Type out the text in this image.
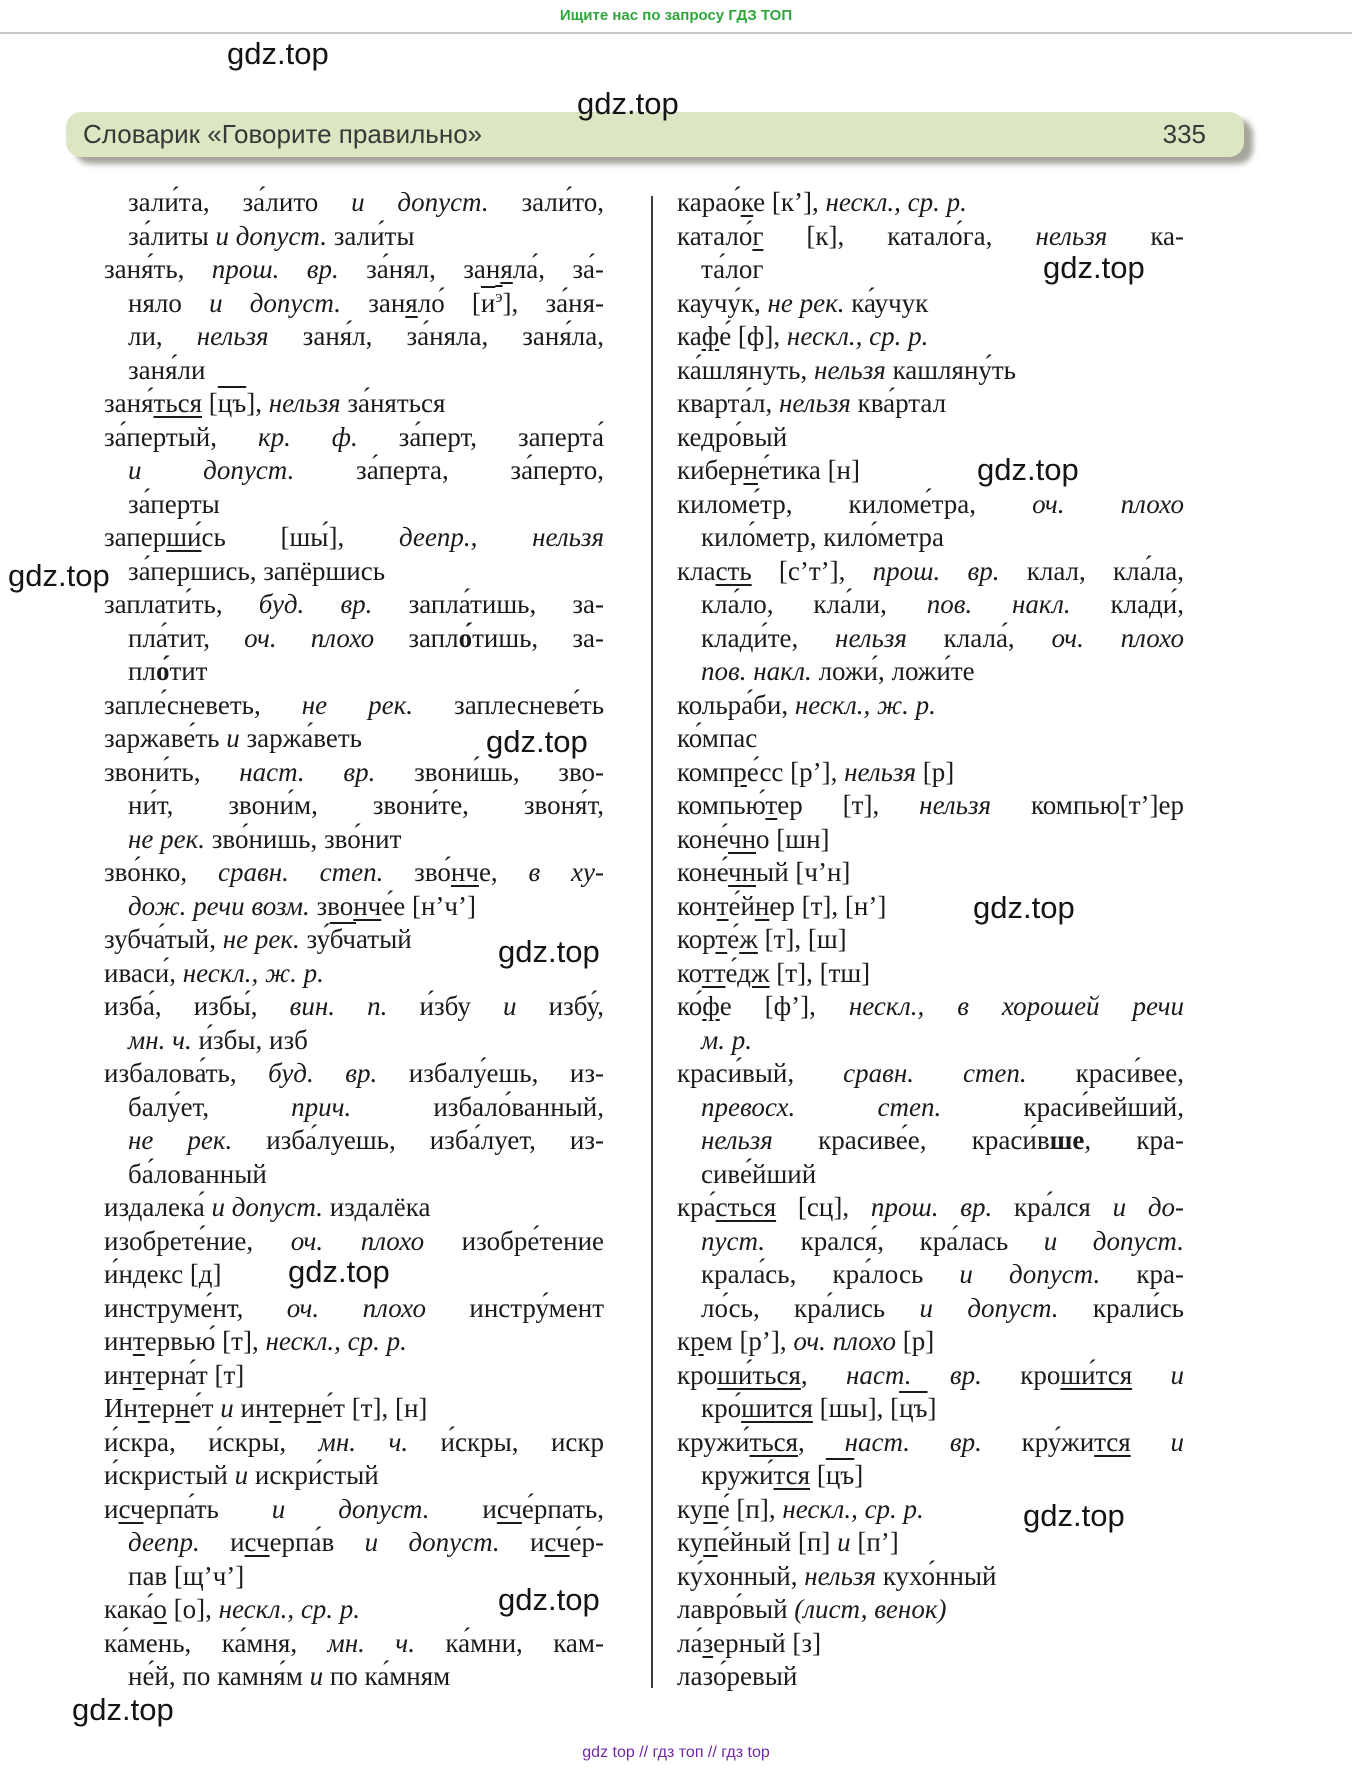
Ищите нас по запросу ГДЗ ТОП
Словарик «Говорите правильно»	335
зали́та, за́лито и допуст. зали́то,
за́литы и допуст. зали́ты
заня́ть, прош. вр. за́нял, заняла́, за́-
няло и допуст. заняло́ $[и^э]$, за́ня-
ли, нельзя заня́л, за́няла, заня́ла,
заня́ли
заня́ться [цъ], нельзя за́няться
за́пертый, кр. ф. за́перт, заперта́
и допуст. за́перта, за́перто,
за́перты
заперши́сь [шы́], деепр., нельзя
за́першись, запёршись
заплати́ть, буд. вр. запла́тишь, за-
пла́тит, оч. плохо запло́тишь, за-
пло́тит
запле́сневеть, не рек. заплесневе́ть
заржаве́ть и заржа́веть
звони́ть, наст. вр. звони́шь, зво-
ни́т, звони́м, звони́те, звоня́т,
не рек. зво́нишь, зво́нит
зво́нко, сравн. степ. зво́нче, в ху-
дож. речи возм. звонче́е [н’ч’]
зубча́тый, не рек. зу́бчатый
иваси́, нескл., ж. р.
изба́, избы́, вин. п. и́збу и избу́,
мн. ч. и́збы, изб
избалова́ть, буд. вр. избалу́ешь, из-
балу́ет, прич. избало́ванный,
не рек. изба́луешь, изба́лует, из-
ба́лованный
издалека́ и допуст. издалёка
изобрете́ние, оч. плохо изобре́тение
и́ндекс [д]
инструме́нт, оч. плохо инстру́мент
интервью́ [т], нескл., ср. р.
интерна́т [т]
Интерне́т и интерне́т [т], [н]
и́скра, и́скры, мн. ч. и́скры, искр
и́скристый и искри́стый
исчерпа́ть и допуст. исче́рпать,
деепр. исчерпа́в и допуст. исче́р-
пав [щ’ч’]
кака́о [о], нескл., ср. р.
ка́мень, ка́мня, мн. ч. ка́мни, кам-
не́й, по камня́м и по ка́мням
карао́ке [к’], нескл., ср. р.
катало́г [к], катало́га, нельзя ка-
та́лог
каучу́к, не рек. ка́учук
кафе́ [ф], нескл., ср. р.
ка́шлянуть, нельзя кашляну́ть
кварта́л, нельзя ква́ртал
кедро́вый
киберне́тика [н]
киломе́тр, киломе́тра, оч. плохо
кило́метр, кило́метра
класть [с’т’], прош. вр. клал, кла́ла,
кла́ло, кла́ли, пов. накл. клади́,
клади́те, нельзя клала́, оч. плохо
пов. накл. ложи́, ложи́те
кольра́би, нескл., ж. р.
ко́мпас
компре́сс [р’], нельзя [р]
компью́тер [т], нельзя компью[т’]ер
коне́чно [шн]
коне́чный [ч’н]
конте́йнер [т], [н’]
корте́ж [т], [ш]
котте́дж [т], [тш]
ко́фе [ф’], нескл., в хорошей речи
м. р.
краси́вый, сравн. степ. краси́вее,
превосх. степ. краси́вейший,
нельзя красиве́е, краси́вше, кра-
сиве́йший
кра́сться [сц], прош. вр. кра́лся и до-
пуст. крался́, кра́лась и допуст.
крала́сь, кра́лось и допуст. кра-
ло́сь, кра́лись и допуст. крали́сь
крем [р’], оч. плохо [р]
кроши́ться, наст. вр. кроши́тся и
кро́шится [шы], [цъ]
кружи́ться, наст. вр. кру́жится и
кружи́тся [цъ]
купе́ [п], нескл., ср. р.
купе́йный [п] и [п’]
ку́хонный, нельзя кухо́нный
лавро́вый (лист, венок)
ла́зерный [з]
лазо́ревый
gdz.top
gdz.top
gdz.top
gdz.top
gdz.top
gdz.top
gdz.top
gdz.top
gdz.top
gdz.top
gdz.top
gdz.top
gdz top // гдз топ // гдз top
